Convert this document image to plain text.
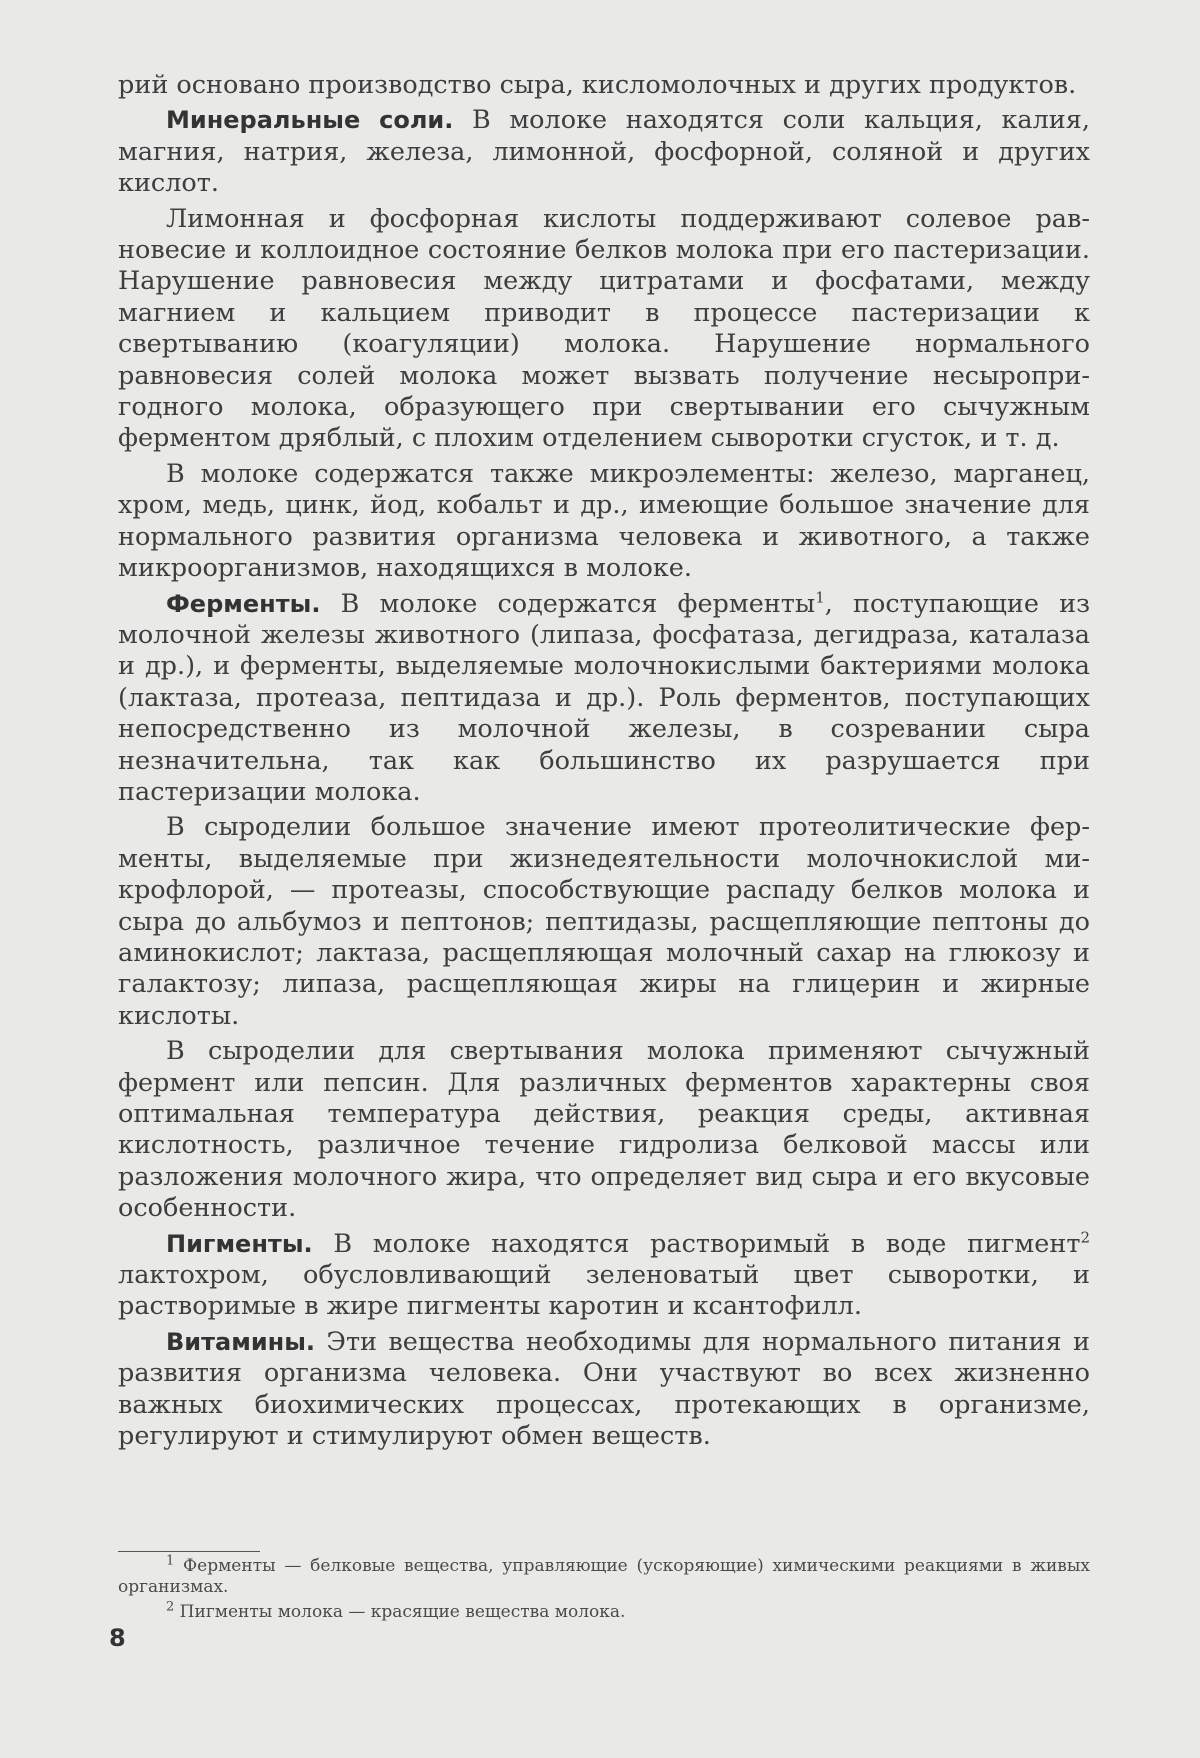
рий основано производство сыра, кисломолочных и других продуктов.

Минеральные соли. В молоке находятся соли кальция, калия, магния, натрия, железа, лимонной, фосфорной, соляной и других кислот.

Лимонная и фосфорная кислоты поддерживают солевое равновесие и коллоидное состояние белков молока при его пастеризации. Нарушение равновесия между цитратами и фосфатами, между магнием и кальцием приводит в процессе пастеризации к свертыванию (коагуляции) молока. Нарушение нормального равновесия солей молока может вызвать получение несыропригодного молока, образующего при свертывании его сычужным ферментом дряблый, с плохим отделением сыворотки сгусток, и т. д.

В молоке содержатся также микроэлементы: железо, марганец, хром, медь, цинк, йод, кобальт и др., имеющие большое значение для нормального развития организма человека и животного, а также микроорганизмов, находящихся в молоке.

Ферменты. В молоке содержатся ферменты$^1$, поступающие из молочной железы животного (липаза, фосфатаза, дегидраза, каталаза и др.), и ферменты, выделяемые молочнокислыми бактериями молока (лактаза, протеаза, пептидаза и др.). Роль ферментов, поступающих непосредственно из молочной железы, в созревании сыра незначительна, так как большинство их разрушается при пастеризации молока.

В сыроделии большое значение имеют протеолитические ферменты, выделяемые при жизнедеятельности молочнокислой микрофлорой, — протеазы, способствующие распаду белков молока и сыра до альбумоз и пептонов; пептидазы, расщепляющие пептоны до аминокислот; лактаза, расщепляющая молочный сахар на глюкозу и галактозу; липаза, расщепляющая жиры на глицерин и жирные кислоты.

В сыроделии для свертывания молока применяют сычужный фермент или пепсин. Для различных ферментов характерны своя оптимальная температура действия, реакция среды, активная кислотность, различное течение гидролиза белковой массы или разложения молочного жира, что определяет вид сыра и его вкусовые особенности.

Пигменты. В молоке находятся растворимый в воде пигмент$^2$ лактохром, обусловливающий зеленоватый цвет сыворотки, и растворимые в жире пигменты каротин и ксантофилл.

Витамины. Эти вещества необходимы для нормального питания и развития организма человека. Они участвуют во всех жизненно важных биохимических процессах, протекающих в организме, регулируют и стимулируют обмен веществ.

$^1$ Ферменты — белковые вещества, управляющие (ускоряющие) химическими реакциями в живых организмах.

$^2$ Пигменты молока — красящие вещества молока.

8
